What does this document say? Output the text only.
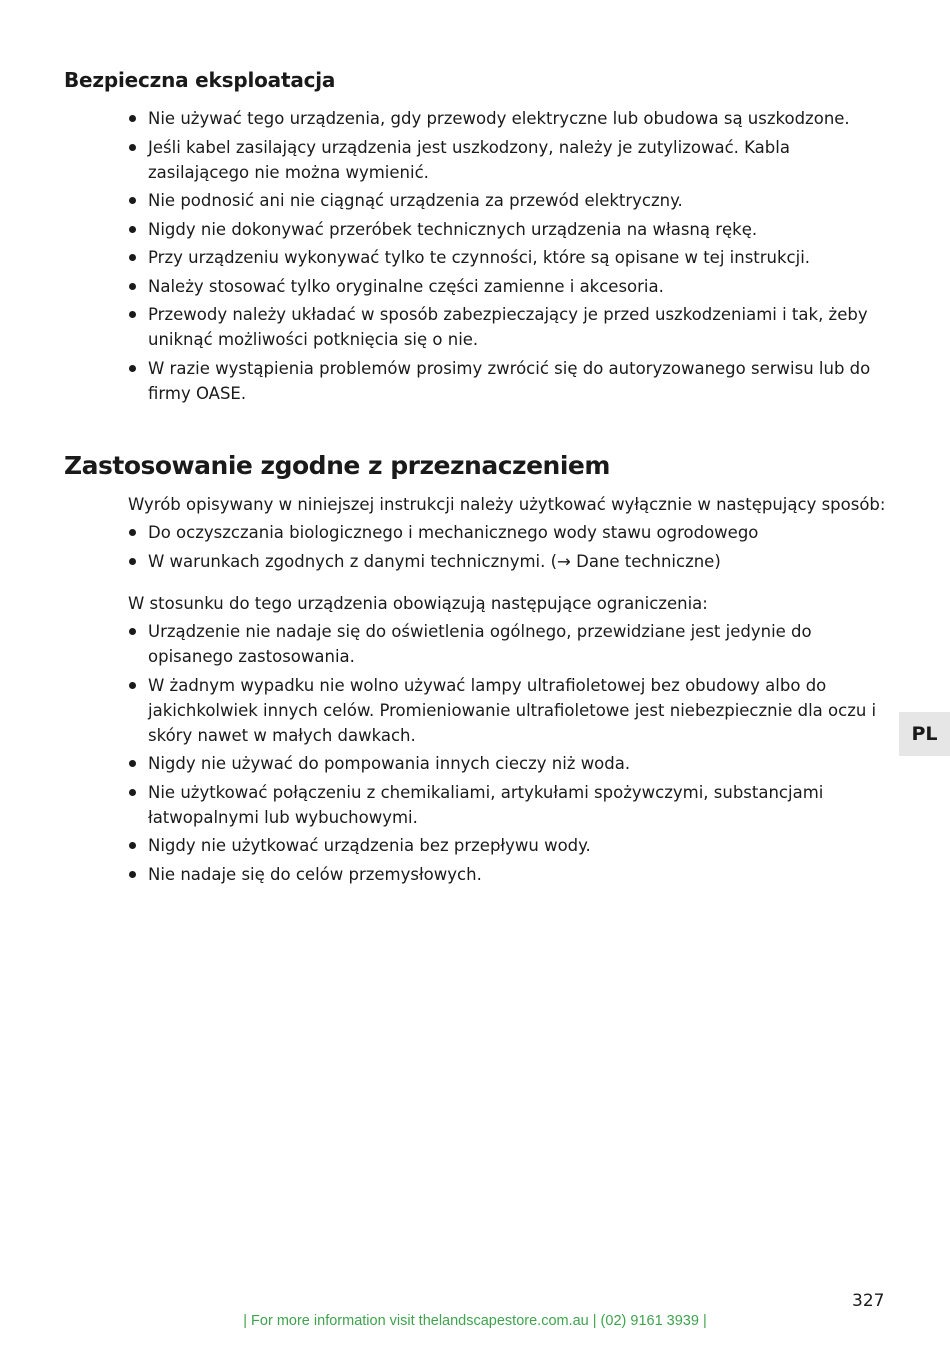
Bezpieczna eksploatacja
Nie używać tego urządzenia, gdy przewody elektryczne lub obudowa są uszkodzone.
Jeśli kabel zasilający urządzenia jest uszkodzony, należy je zutylizować. Kabla zasilającego nie można wymienić.
Nie podnosić ani nie ciągnąć urządzenia za przewód elektryczny.
Nigdy nie dokonywać przeróbek technicznych urządzenia na własną rękę.
Przy urządzeniu wykonywać tylko te czynności, które są opisane w tej instrukcji.
Należy stosować tylko oryginalne części zamienne i akcesoria.
Przewody należy układać w sposób zabezpieczający je przed uszkodzeniami i tak, żeby uniknąć możliwości potknięcia się o nie.
W razie wystąpienia problemów prosimy zwrócić się do autoryzowanego serwisu lub do firmy OASE.
Zastosowanie zgodne z przeznaczeniem

Wyrób opisywany w niniejszej instrukcji należy użytkować wyłącznie w następujący sposób:

Do oczyszczania biologicznego i mechanicznego wody stawu ogrodowego
W warunkach zgodnych z danymi technicznymi. (→ Dane techniczne)

W stosunku do tego urządzenia obowiązują następujące ograniczenia:

Urządzenie nie nadaje się do oświetlenia ogólnego, przewidziane jest jedynie do opisanego zastosowania.
W żadnym wypadku nie wolno używać lampy ultrafioletowej bez obudowy albo do jakichkolwiek innych celów. Promieniowanie ultrafioletowe jest niebezpiecznie dla oczu i skóry nawet w małych dawkach.
Nigdy nie używać do pompowania innych cieczy niż woda.
Nie użytkować połączeniu z chemikaliami, artykułami spożywczymi, substancjami łatwopalnymi lub wybuchowymi.
Nigdy nie użytkować urządzenia bez przepływu wody.
Nie nadaje się do celów przemysłowych.
PL
327
| For more information visit thelandscapestore.com.au | (02) 9161 3939 |
